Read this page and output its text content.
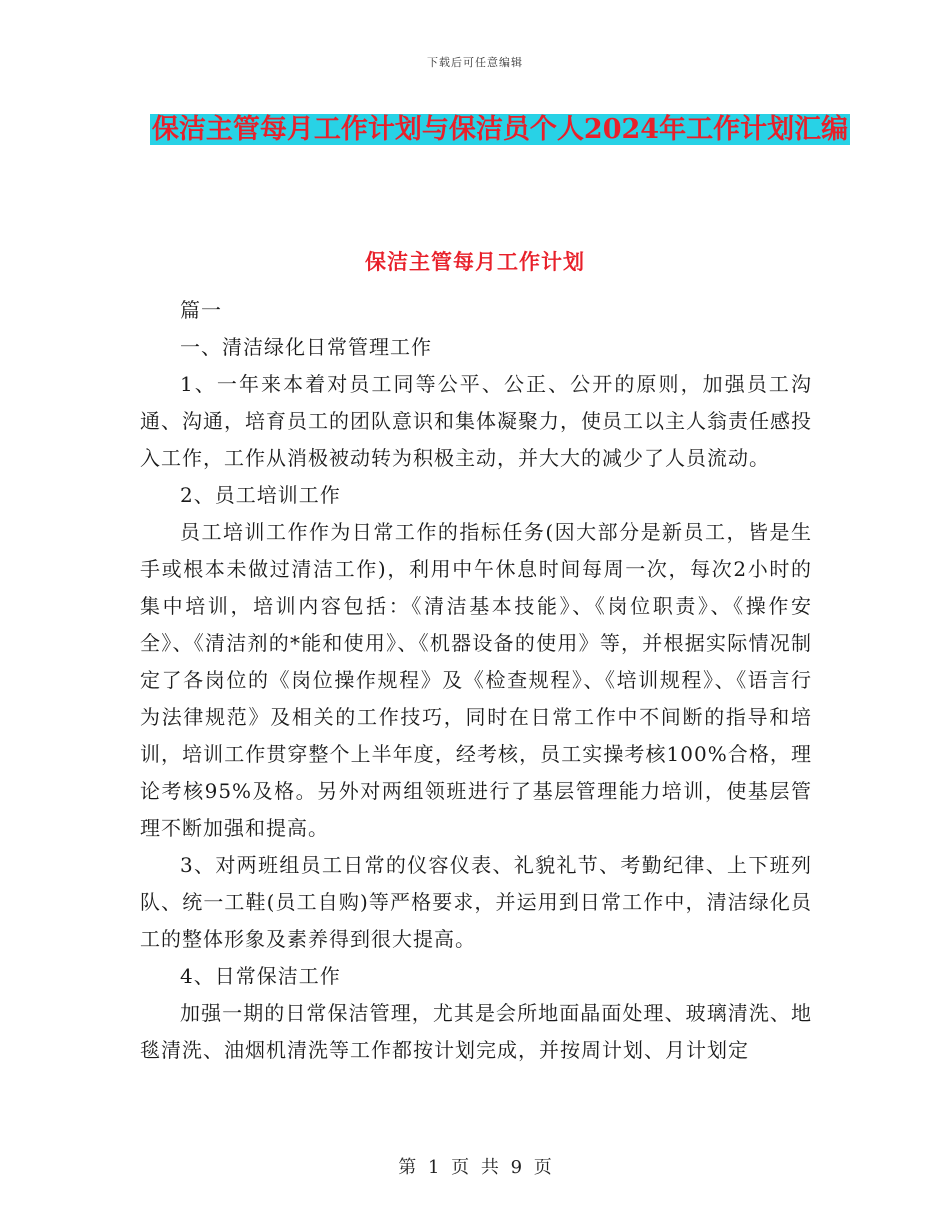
下载后可任意编辑
保洁主管每月工作计划与保洁员个人2024年工作计划汇编
保洁主管每月工作计划

篇一

一、清洁绿化日常管理工作

1、一年来本着对员工同等公平、公正、公开的原则，加强员工沟通、沟通，培育员工的团队意识和集体凝聚力，使员工以主人翁责任感投入工作，工作从消极被动转为积极主动，并大大的减少了人员流动。

2、员工培训工作

员工培训工作作为日常工作的指标任务(因大部分是新员工，皆是生手或根本未做过清洁工作)，利用中午休息时间每周一次，每次2小时的集中培训，培训内容包括：《清洁基本技能》、《岗位职责》、《操作安全》、《清洁剂的*能和使用》、《机器设备的使用》等，并根据实际情况制定了各岗位的《岗位操作规程》及《检查规程》、《培训规程》、《语言行为法律规范》及相关的工作技巧，同时在日常工作中不间断的指导和培训，培训工作贯穿整个上半年度，经考核，员工实操考核100%合格，理论考核95%及格。另外对两组领班进行了基层管理能力培训，使基层管理不断加强和提高。

3、对两班组员工日常的仪容仪表、礼貌礼节、考勤纪律、上下班列队、统一工鞋(员工自购)等严格要求，并运用到日常工作中，清洁绿化员工的整体形象及素养得到很大提高。

4、日常保洁工作

加强一期的日常保洁管理，尤其是会所地面晶面处理、玻璃清洗、地毯清洗、油烟机清洗等工作都按计划完成，并按周计划、月计划定

第 1 页 共 9 页
